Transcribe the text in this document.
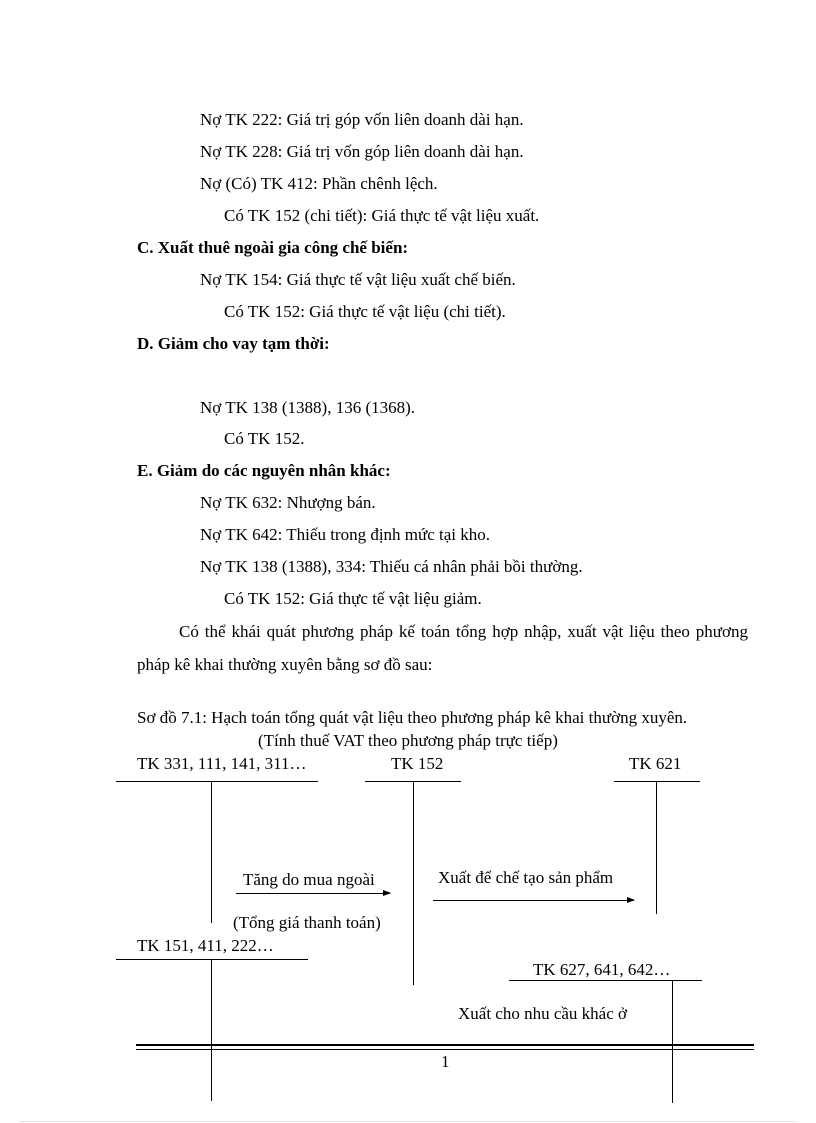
Nợ TK 222: Giá trị góp vốn liên doanh dài hạn.
Nợ TK 228: Giá trị vốn góp liên doanh dài hạn.
Nợ (Có) TK 412: Phần chênh lệch.
Có TK 152 (chi tiết): Giá thực tế vật liệu xuất.
C. Xuất thuê ngoài gia công chế biến:
Nợ TK 154: Giá thực tế vật liệu xuất chế biến.
Có TK 152: Giá thực tế vật liệu (chi tiết).
D. Giảm cho vay tạm thời:
Nợ TK 138 (1388), 136 (1368).
Có TK 152.
E. Giảm do các nguyên nhân khác:
Nợ TK 632: Nhượng bán.
Nợ TK 642: Thiếu trong định mức tại kho.
Nợ TK 138 (1388), 334: Thiếu cá nhân phải bồi thường.
Có TK 152: Giá thực tế vật liệu giảm.
Có thể khái quát phương pháp kế toán tổng hợp nhập, xuất vật liệu theo phương pháp kê khai thường xuyên bằng sơ đồ sau:
Sơ đồ 7.1: Hạch toán tổng quát vật liệu theo phương pháp kê khai thường xuyên.
(Tính thuế VAT theo phương pháp trực tiếp)
TK 331, 111, 141, 311…	TK 152	TK 621
Tăng do mua ngoài	Xuất để chế tạo sản phẩm
(Tổng giá thanh toán)
TK 151, 411, 222…
TK 627, 641, 642…
Xuất cho nhu cầu khác ở
1
